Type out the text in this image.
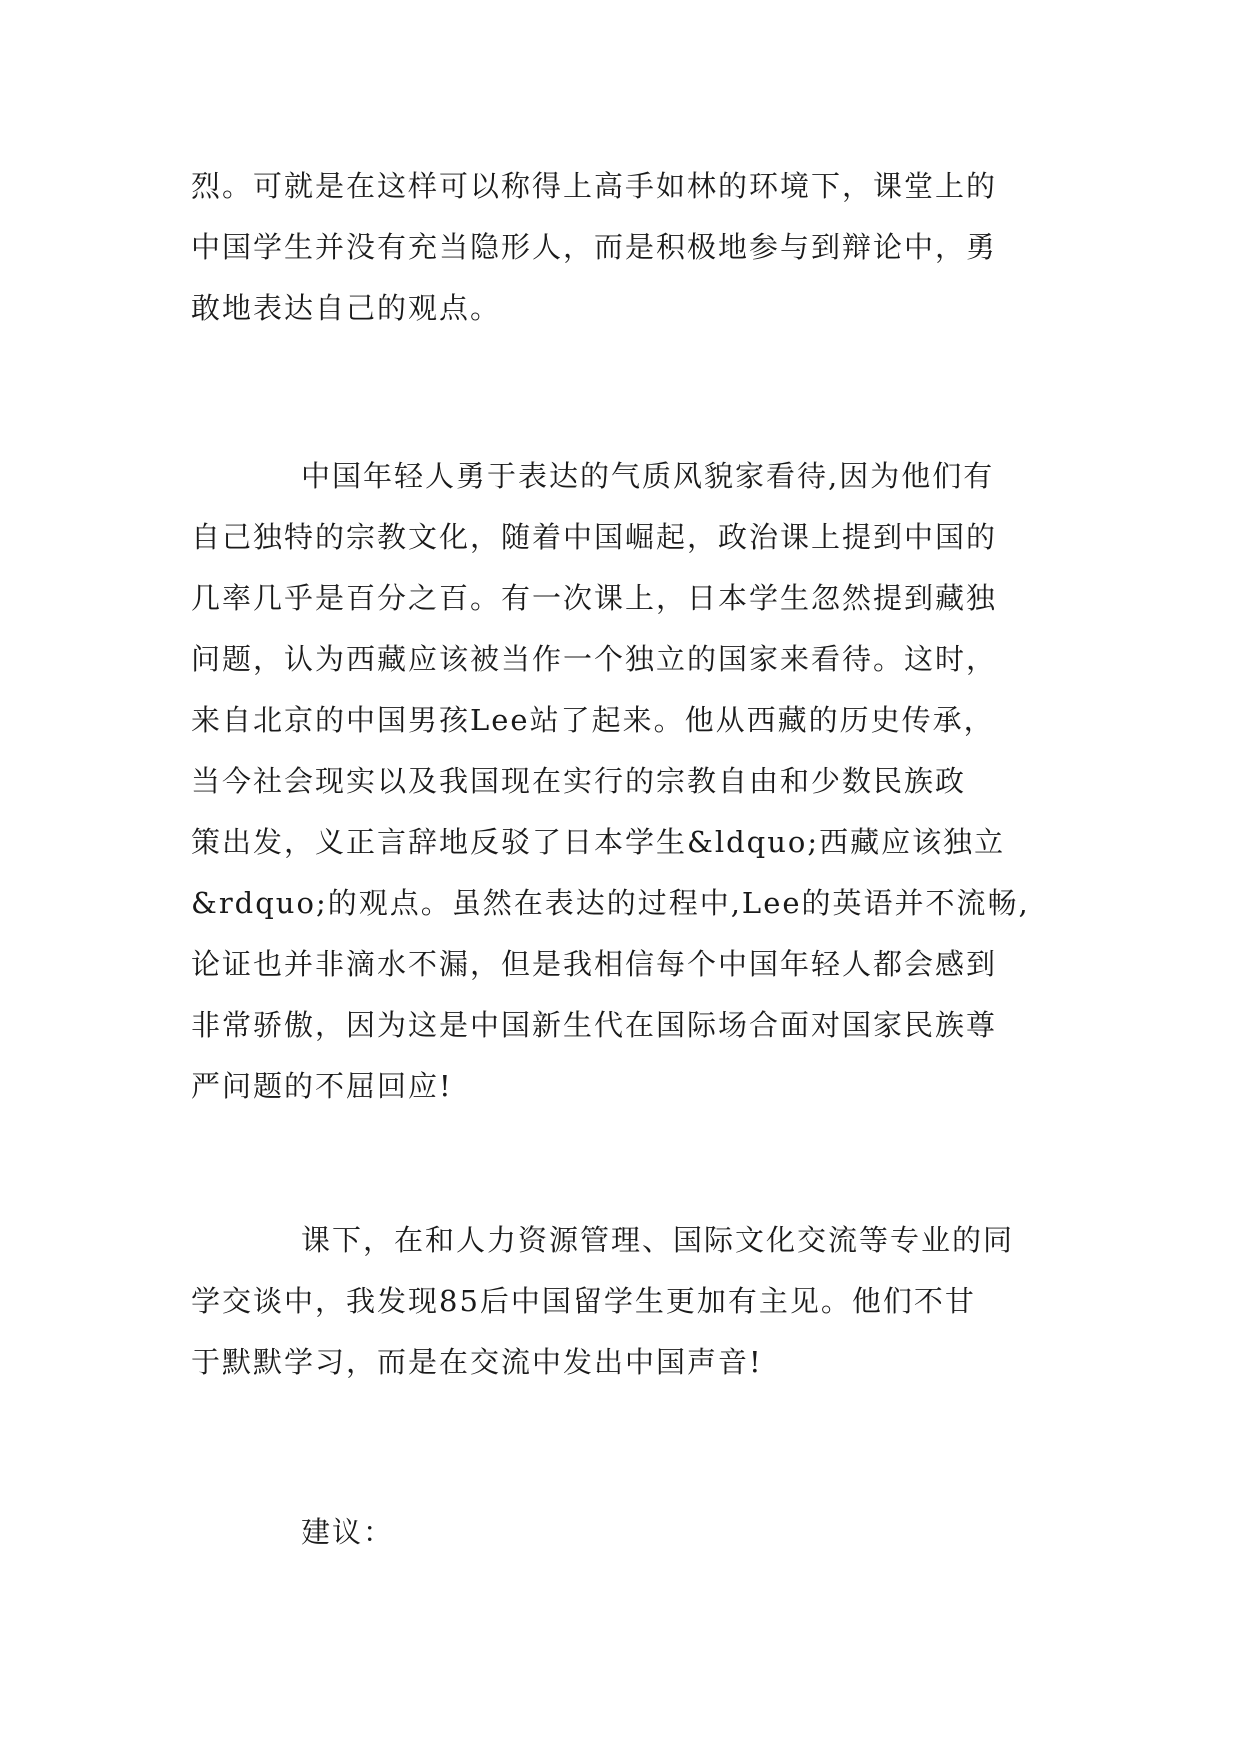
烈。可就是在这样可以称得上高手如林的环境下，课堂上的
中国学生并没有充当隐形人，而是积极地参与到辩论中，勇
敢地表达自己的观点。
中国年轻人勇于表达的气质风貌家看待,因为他们有
自己独特的宗教文化，随着中国崛起，政治课上提到中国的
几率几乎是百分之百。有一次课上，日本学生忽然提到藏独
问题，认为西藏应该被当作一个独立的国家来看待。这时，
来自北京的中国男孩Lee站了起来。他从西藏的历史传承，
当今社会现实以及我国现在实行的宗教自由和少数民族政
策出发，义正言辞地反驳了日本学生&ldquo;西藏应该独立
&rdquo;的观点。虽然在表达的过程中,Lee的英语并不流畅,
论证也并非滴水不漏，但是我相信每个中国年轻人都会感到
非常骄傲，因为这是中国新生代在国际场合面对国家民族尊
严问题的不屈回应!
课下，在和人力资源管理、国际文化交流等专业的同
学交谈中，我发现85后中国留学生更加有主见。他们不甘
于默默学习，而是在交流中发出中国声音!
建议：
